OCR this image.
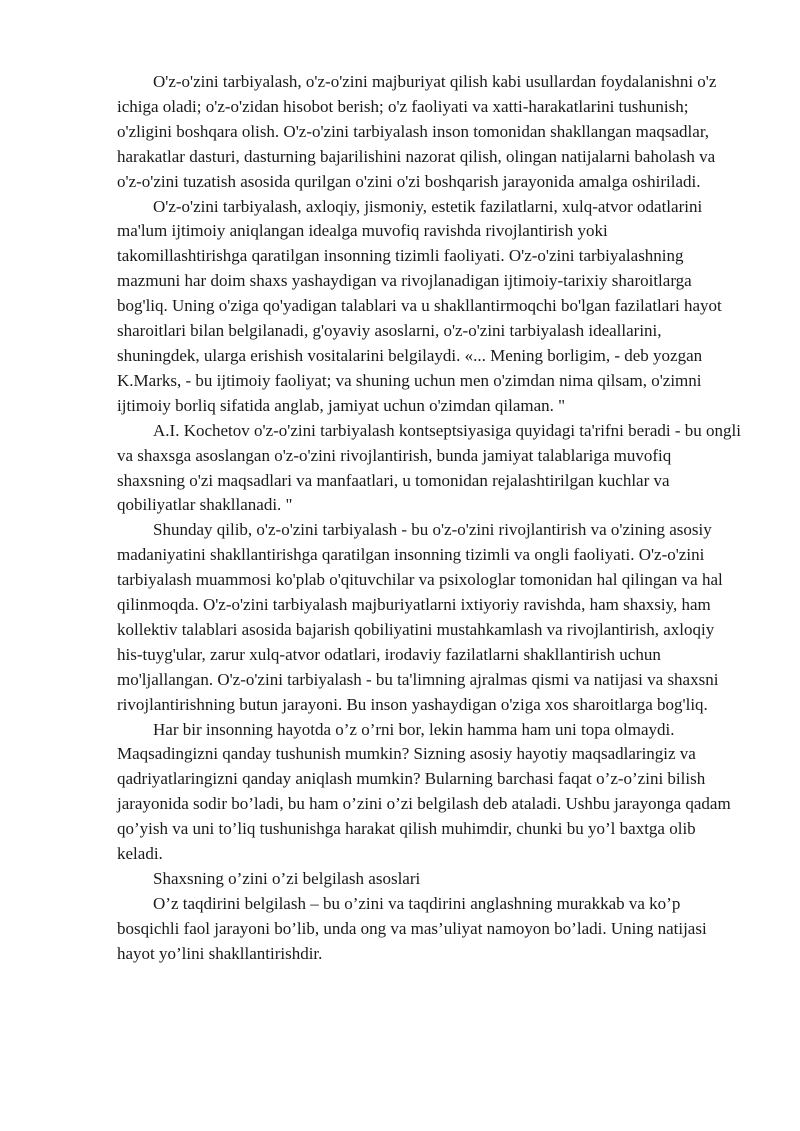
O'z-o'zini tarbiyalash, o'z-o'zini majburiyat qilish kabi usullardan foydalanishni o'z ichiga oladi; o'z-o'zidan hisobot berish; o'z faoliyati va xatti-harakatlarini tushunish; o'zligini boshqara olish. O'z-o'zini tarbiyalash inson tomonidan shakllangan maqsadlar, harakatlar dasturi, dasturning bajarilishini nazorat qilish, olingan natijalarni baholash va o'z-o'zini tuzatish asosida qurilgan o'zini o'zi boshqarish jarayonida amalga oshiriladi.

O'z-o'zini tarbiyalash, axloqiy, jismoniy, estetik fazilatlarni, xulq-atvor odatlarini ma'lum ijtimoiy aniqlangan idealga muvofiq ravishda rivojlantirish yoki takomillashtirishga qaratilgan insonning tizimli faoliyati. O'z-o'zini tarbiyalashning mazmuni har doim shaxs yashaydigan va rivojlanadigan ijtimoiy-tarixiy sharoitlarga bog'liq. Uning o'ziga qo'yadigan talablari va u shakllantirmoqchi bo'lgan fazilatlari hayot sharoitlari bilan belgilanadi, g'oyaviy asoslarni, o'z-o'zini tarbiyalash ideallarini, shuningdek, ularga erishish vositalarini belgilaydi. «... Mening borligim, - deb yozgan K.Marks, - bu ijtimoiy faoliyat; va shuning uchun men o'zimdan nima qilsam, o'zimni ijtimoiy borliq sifatida anglab, jamiyat uchun o'zimdan qilaman. "

A.I. Kochetov o'z-o'zini tarbiyalash kontseptsiyasiga quyidagi ta'rifni beradi - bu ongli va shaxsga asoslangan o'z-o'zini rivojlantirish, bunda jamiyat talablariga muvofiq shaxsning o'zi maqsadlari va manfaatlari, u tomonidan rejalashtirilgan kuchlar va qobiliyatlar shakllanadi. "

Shunday qilib, o'z-o'zini tarbiyalash - bu o'z-o'zini rivojlantirish va o'zining asosiy madaniyatini shakllantirishga qaratilgan insonning tizimli va ongli faoliyati. O'z-o'zini tarbiyalash muammosi ko'plab o'qituvchilar va psixologlar tomonidan hal qilingan va hal qilinmoqda. O'z-o'zini tarbiyalash majburiyatlarni ixtiyoriy ravishda, ham shaxsiy, ham kollektiv talablari asosida bajarish qobiliyatini mustahkamlash va rivojlantirish, axloqiy his-tuyg'ular, zarur xulq-atvor odatlari, irodaviy fazilatlarni shakllantirish uchun mo'ljallangan. O'z-o'zini tarbiyalash - bu ta'limning ajralmas qismi va natijasi va shaxsni rivojlantirishning butun jarayoni. Bu inson yashaydigan o'ziga xos sharoitlarga bog'liq.

Har bir insonning hayotda o’z o’rni bor, lekin hamma ham uni topa olmaydi. Maqsadingizni qanday tushunish mumkin? Sizning asosiy hayotiy maqsadlaringiz va qadriyatlaringizni qanday aniqlash mumkin? Bularning barchasi faqat o’z-o’zini bilish jarayonida sodir bo’ladi, bu ham o’zini o’zi belgilash deb ataladi. Ushbu jarayonga qadam qo’yish va uni to’liq tushunishga harakat qilish muhimdir, chunki bu yo’l baxtga olib keladi.

Shaxsning o’zini o’zi belgilash asoslari

O’z taqdirini belgilash – bu o’zini va taqdirini anglashning murakkab va ko’p bosqichli faol jarayoni bo’lib, unda ong va mas’uliyat namoyon bo’ladi. Uning natijasi hayot yo’lini shakllantirishdir.
